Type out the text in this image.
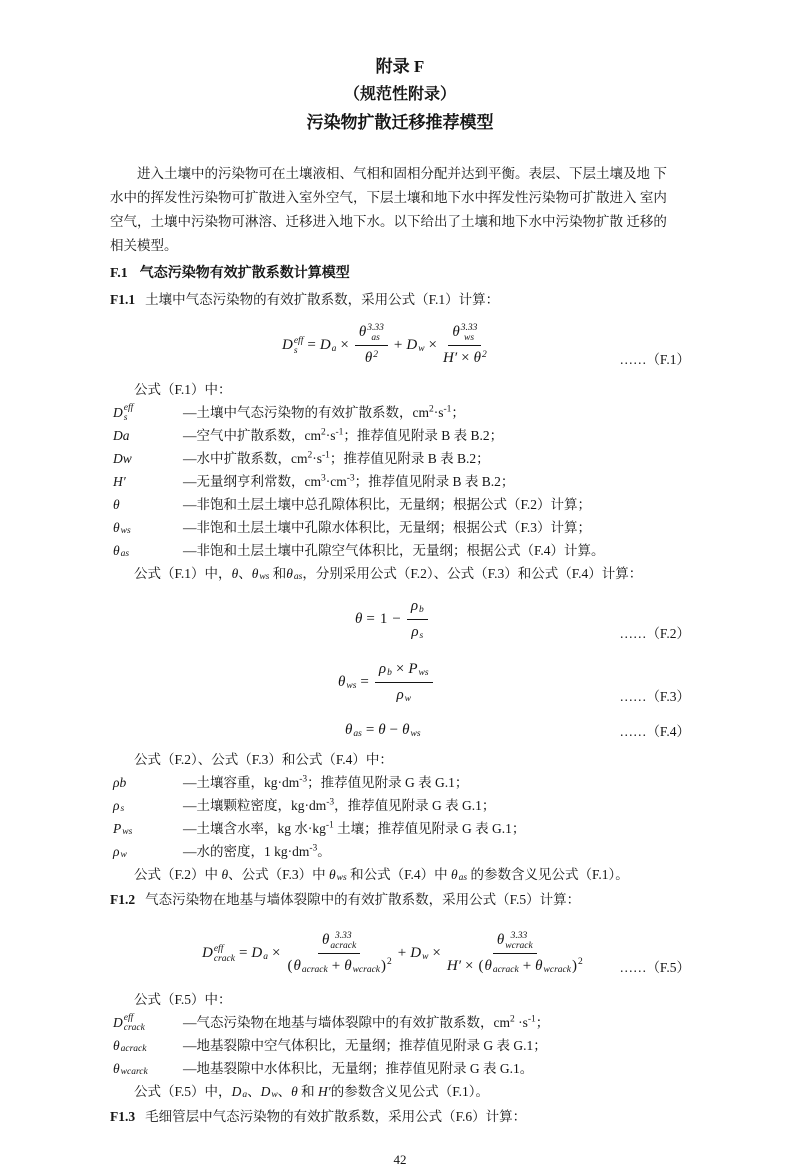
附录 F
（规范性附录）
污染物扩散迁移推荐模型
进入土壤中的污染物可在土壤液相、气相和固相分配并达到平衡。表层、下层土壤及地 下
水中的挥发性污染物可扩散进入室外空气，下层土壤和地下水中挥发性污染物可扩散进入 室内
空气，土壤中污染物可淋溶、迁移进入地下水。以下给出了土壤和地下水中污染物扩散 迁移的
相关模型。
F.1 气态污染物有效扩散系数计算模型
F1.1 土壤中气态污染物的有效扩散系数，采用公式（F.1）计算：
D eff
s = D a × θ 3.33
as
θ 2 + D w × θ 3.33
ws
H′ × θ 2	……（F.1）
公式（F.1）中：
D eff
s	—土壤中气态污染物的有效扩散系数，$cm^2\cdot s^{-1}$；
Da	—空气中扩散系数，$cm^2\cdot s^{-1}$；推荐值见附录 B 表 B.2；
Dw	—水中扩散系数，$cm^2\cdot s^{-1}$；推荐值见附录 B 表 B.2；
H′	—无量纲亨利常数，$cm^3\cdot cm^{-3}$；推荐值见附录 B 表 B.2；
θ	—非饱和土层土壤中总孔隙体积比，无量纲；根据公式（F.2）计算；
θ ws	—非饱和土层土壤中孔隙水体积比，无量纲；根据公式（F.3）计算；
θ as	—非饱和土层土壤中孔隙空气体积比，无量纲；根据公式（F.4）计算。
公式（F.1）中， θ 、 θ ws 和 θ as ，分别采用公式（F.2）、公式（F.3）和公式（F.4）计算：
$\theta = 1 - \frac{\text{ρ b}}{\text{ρ s}}$	……（F.2）
θ ws = $\frac{\text{ρ b × P ws}}{\text{ρ w}}$	……（F.3）
θ as = θ − θ ws	……（F.4）
公式（F.2）、公式（F.3）和公式（F.4）中：
ρb	—土壤容重，$kg\cdot dm^{-3}$；推荐值见附录 G 表 G.1；
ρ s	—土壤颗粒密度，$kg\cdot dm^{-3}$，推荐值见附录 G 表 G.1；
P ws	—土壤含水率，kg 水$\cdot kg^{-1}$ 土壤；推荐值见附录 G 表 G.1；
ρ w	—水的密度，1 $kg\cdot dm^{-3}$。
公式（F.2）中 θ 、公式（F.3）中 θ ws 和公式（F.4）中 θ as 的参数含义见公式（F.1）。
F1.2 气态污染物在地基与墙体裂隙中的有效扩散系数，采用公式（F.5）计算：
D eff
crack = D a × θ 3.33
acrack
( θ acrack + θ wcrack )$^2$ + D w × θ 3.33
wcrack
H′ × ( θ acrack + θ wcrack )$^2$	……（F.5）
公式（F.5）中：
D eff
crack	—气态污染物在地基与墙体裂隙中的有效扩散系数，$cm^2 \cdot s^{-1}$；
θ acrack	—地基裂隙中空气体积比，无量纲；推荐值见附录 G 表 G.1；
θ wcarck	—地基裂隙中水体积比，无量纲；推荐值见附录 G 表 G.1。
公式（F.5）中， D a 、 D w 、 θ 和 H′ 的参数含义见公式（F.1）。
F1.3 毛细管层中气态污染物的有效扩散系数，采用公式（F.6）计算：
42
